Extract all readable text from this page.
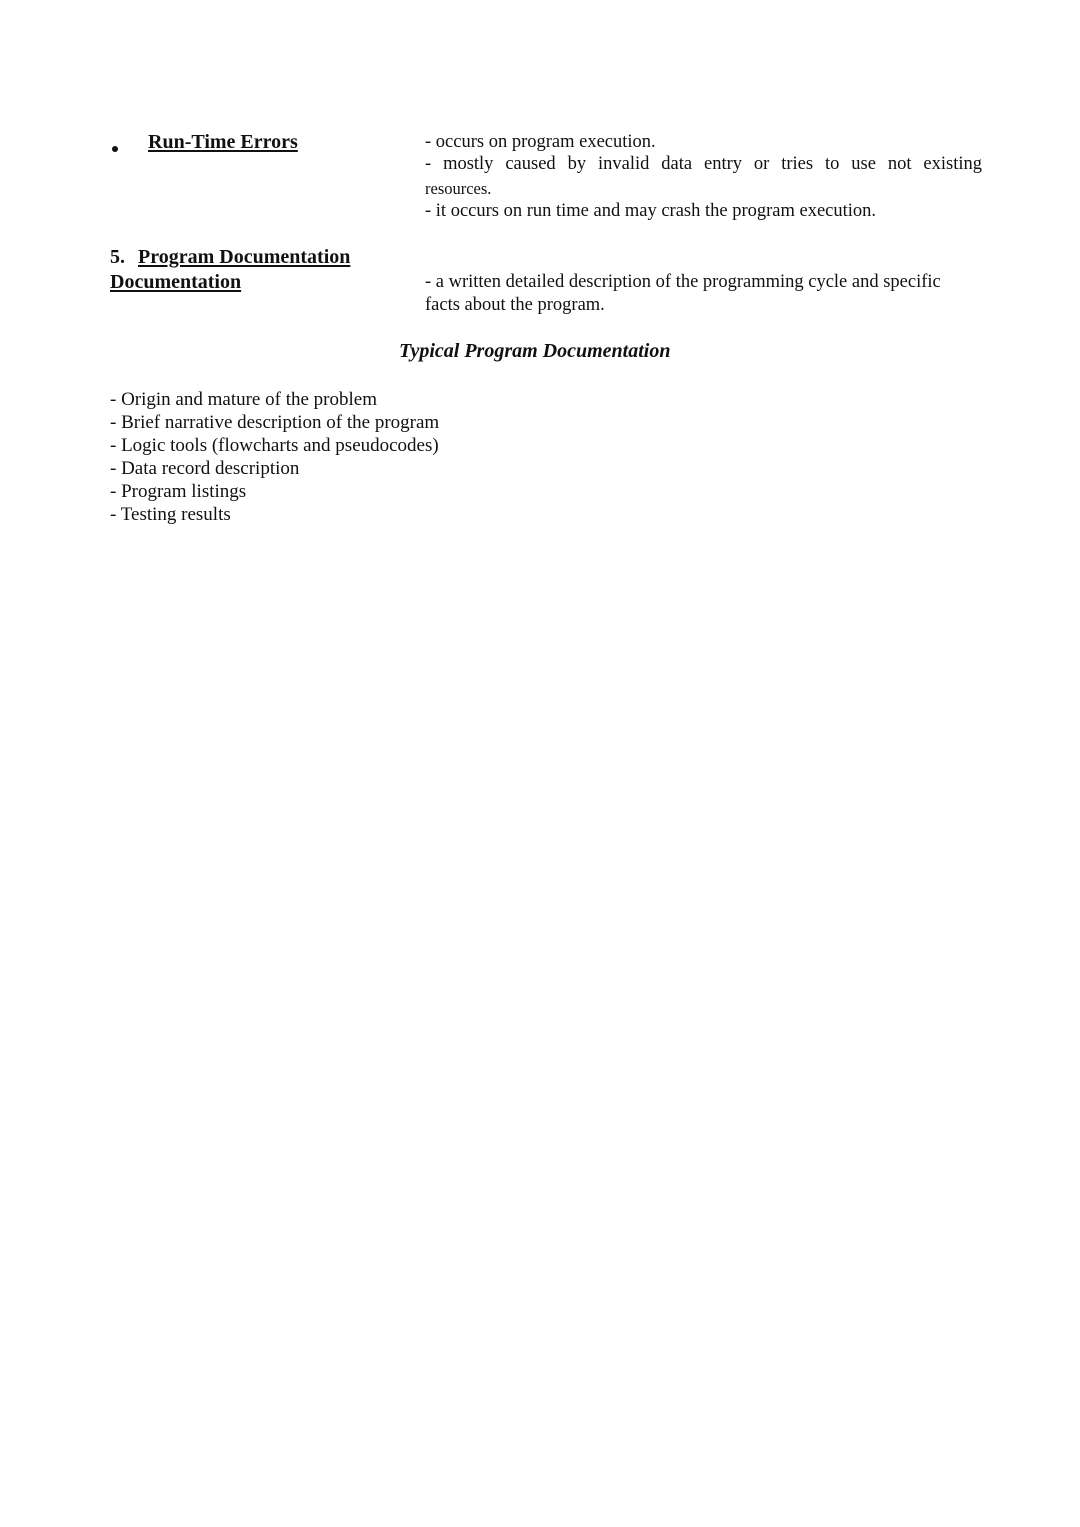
Run-Time Errors	- occurs on program execution.
- mostly caused by invalid data entry or tries to use not existing
resources.
- it occurs on run time and may crash the program execution.
5. Program Documentation
Documentation	- a written detailed description of the programming cycle and specific
facts about the program.
Typical Program Documentation
- Origin and mature of the problem
- Brief narrative description of the program
- Logic tools (flowcharts and pseudocodes)
- Data record description
- Program listings
- Testing results
